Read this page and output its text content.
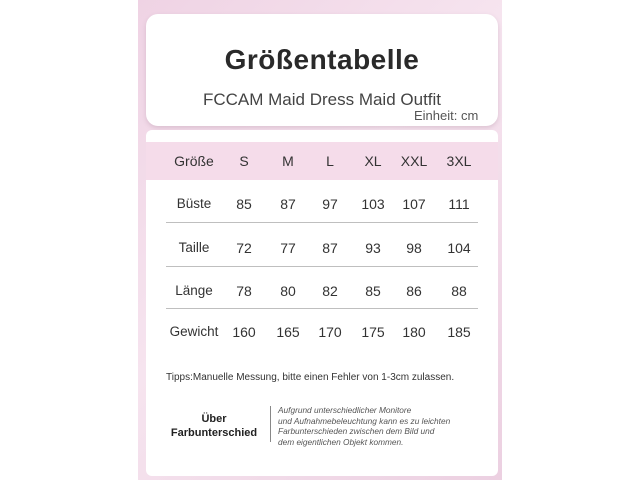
Größentabelle
FCCAM Maid Dress Maid Outfit
Einheit: cm
Größe S M L XL XXL 3XL
Büste 85 87 97 103 107 111
Taille 72 77 87 93 98 104
Länge 78 80 82 85 86 88
Gewicht 160 165 170 175 180 185
Tipps:Manuelle Messung, bitte einen Fehler von 1-3cm zulassen.
Über
Farbunterschied
Aufgrund unterschiedlicher Monitore
und Aufnahmebeleuchtung kann es zu leichten
Farbunterschieden zwischen dem Bild und
dem eigentlichen Objekt kommen.
